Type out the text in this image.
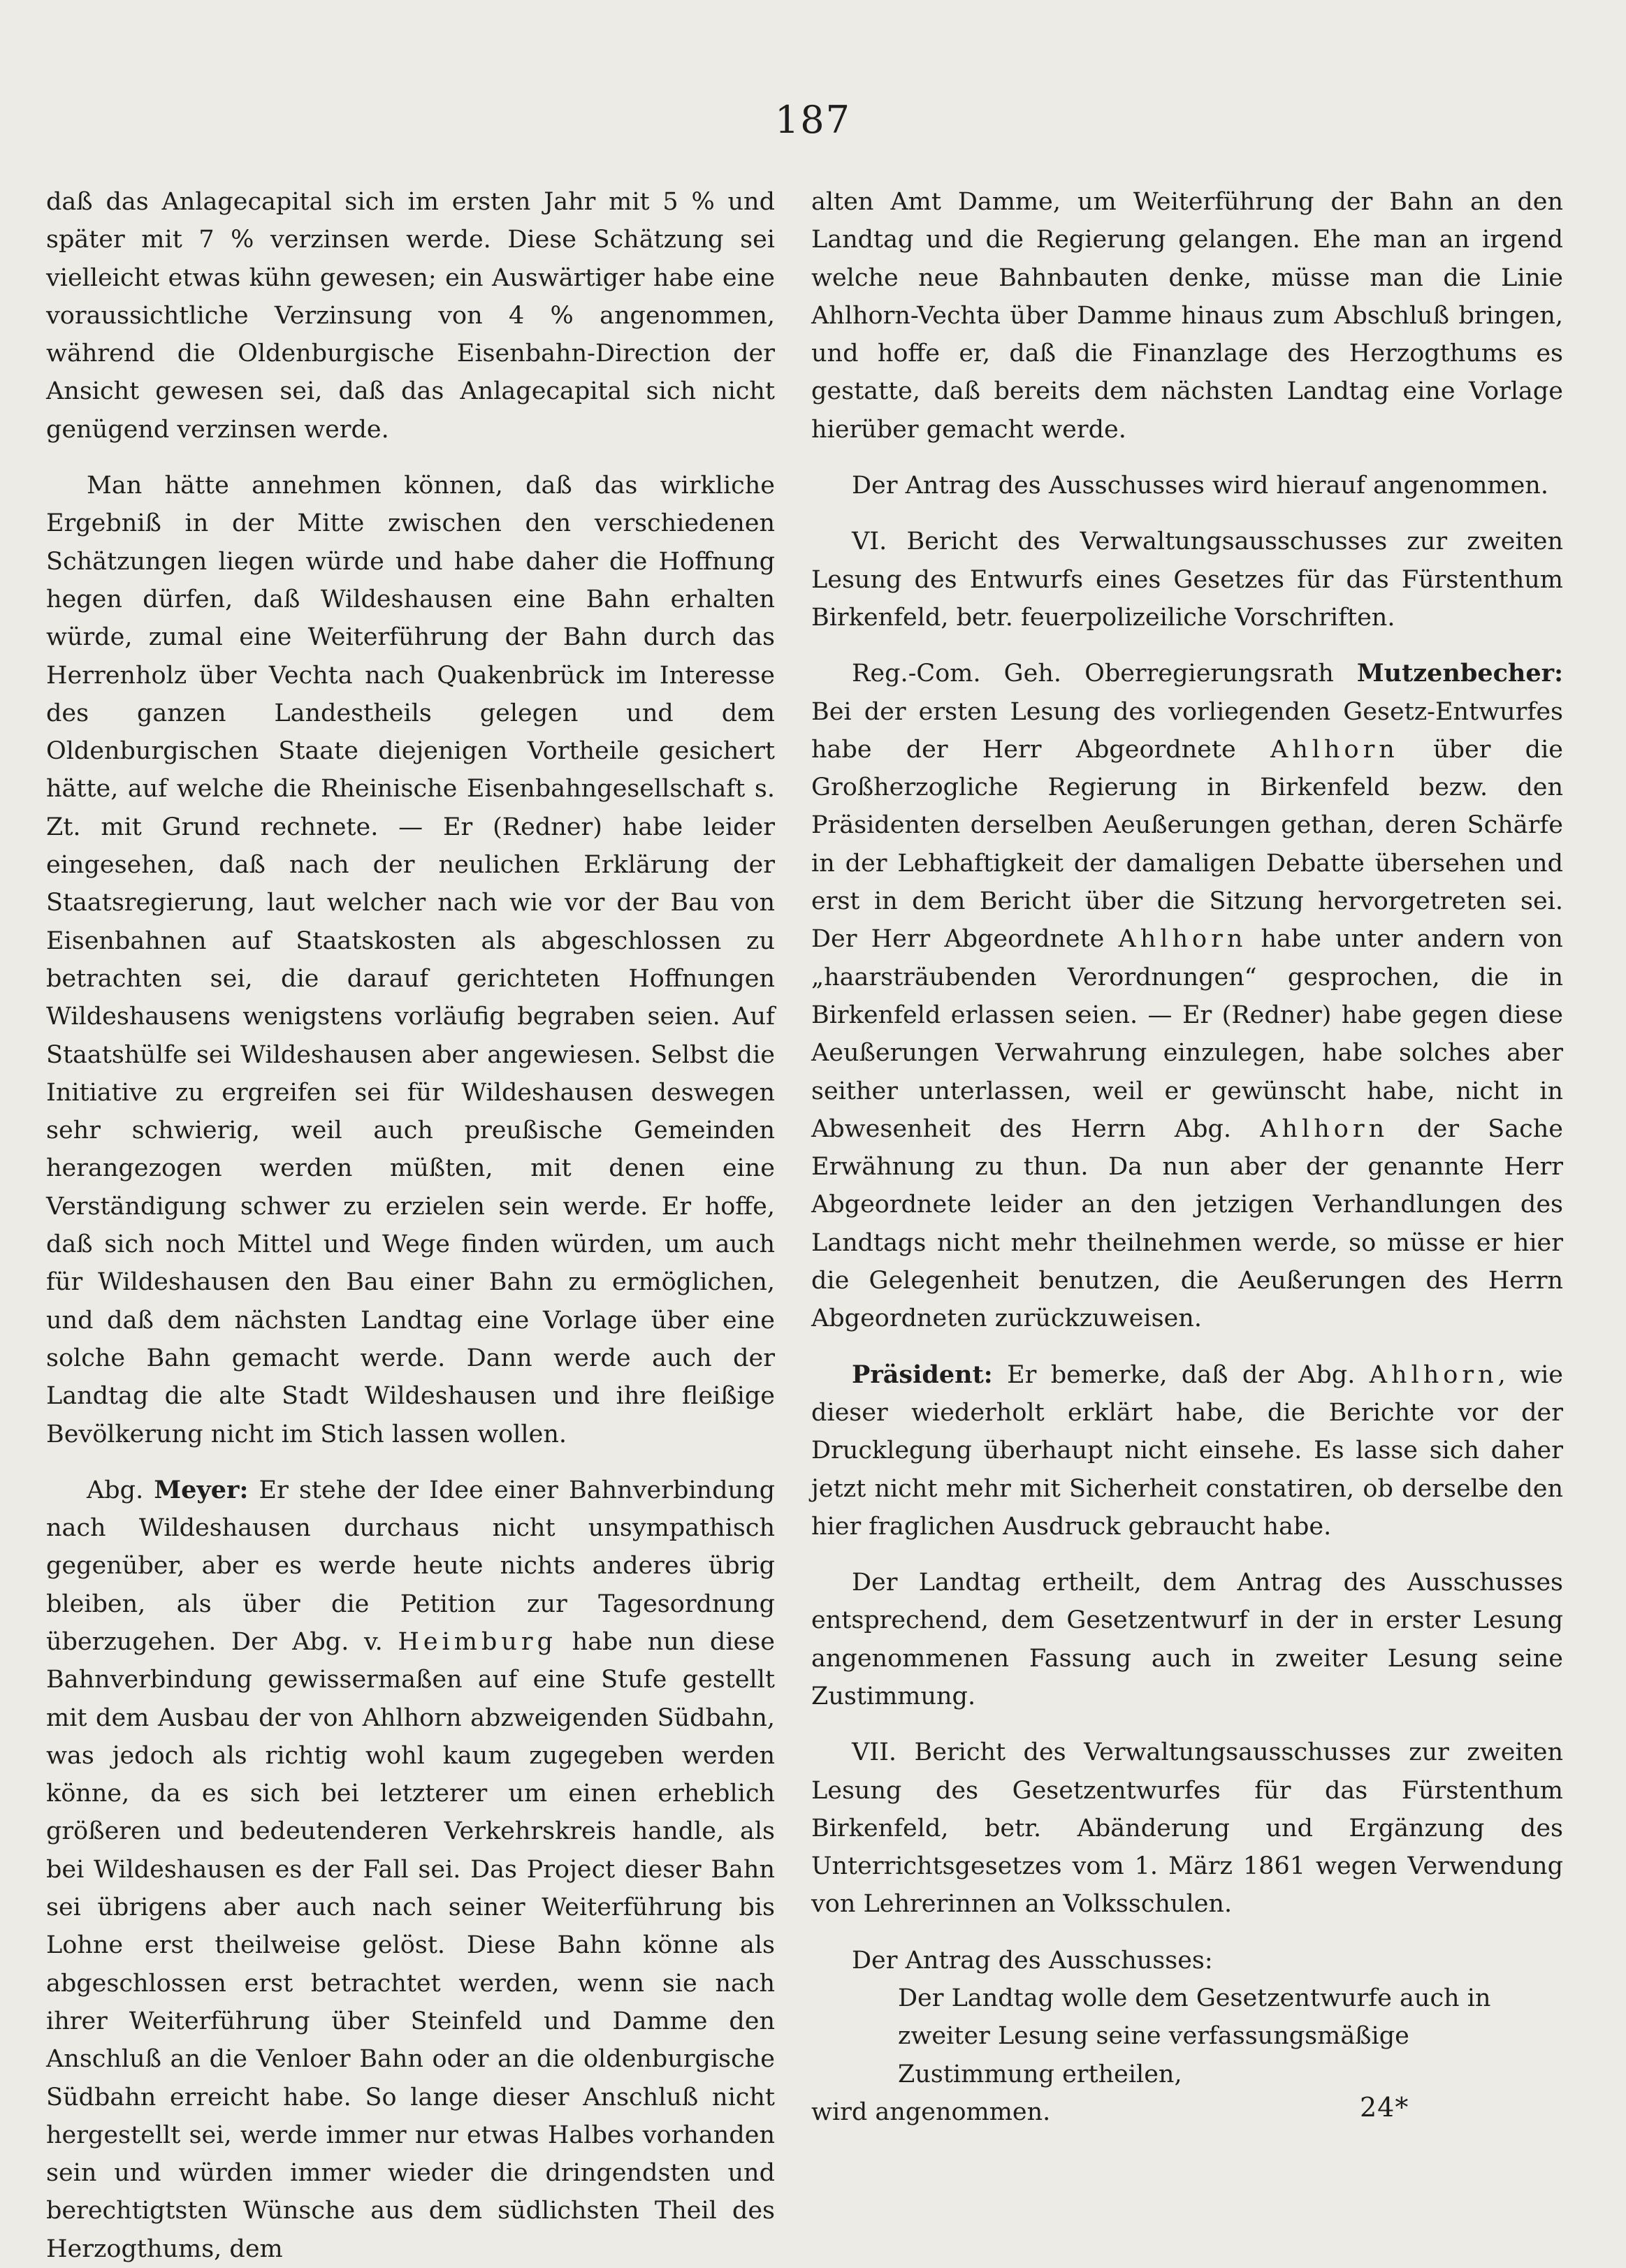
187

daß das Anlagecapital sich im ersten Jahr mit 5 % und später mit 7 % verzinsen werde. Diese Schätzung sei vielleicht etwas kühn gewesen; ein Auswärtiger habe eine voraussichtliche Verzinsung von 4 % angenommen, während die Oldenburgische Eisenbahn-Direction der Ansicht gewesen sei, daß das Anlagecapital sich nicht genügend verzinsen werde.

Man hätte annehmen können, daß das wirkliche Ergebniß in der Mitte zwischen den verschiedenen Schätzungen liegen würde und habe daher die Hoffnung hegen dürfen, daß Wildeshausen eine Bahn erhalten würde, zumal eine Weiterführung der Bahn durch das Herrenholz über Vechta nach Quakenbrück im Interesse des ganzen Landestheils gelegen und dem Oldenburgischen Staate diejenigen Vortheile gesichert hätte, auf welche die Rheinische Eisenbahngesellschaft s. Zt. mit Grund rechnete. — Er (Redner) habe leider eingesehen, daß nach der neulichen Erklärung der Staatsregierung, laut welcher nach wie vor der Bau von Eisenbahnen auf Staatskosten als abgeschlossen zu betrachten sei, die darauf gerichteten Hoffnungen Wildeshausens wenigstens vorläufig begraben seien. Auf Staatshülfe sei Wildeshausen aber angewiesen. Selbst die Initiative zu ergreifen sei für Wildeshausen deswegen sehr schwierig, weil auch preußische Gemeinden herangezogen werden müßten, mit denen eine Verständigung schwer zu erzielen sein werde. Er hoffe, daß sich noch Mittel und Wege finden würden, um auch für Wildeshausen den Bau einer Bahn zu ermöglichen, und daß dem nächsten Landtag eine Vorlage über eine solche Bahn gemacht werde. Dann werde auch der Landtag die alte Stadt Wildeshausen und ihre fleißige Bevölkerung nicht im Stich lassen wollen.

Abg. Meyer: Er stehe der Idee einer Bahnverbindung nach Wildeshausen durchaus nicht unsympathisch gegenüber, aber es werde heute nichts anderes übrig bleiben, als über die Petition zur Tagesordnung überzugehen. Der Abg. v. Heimburg habe nun diese Bahnverbindung gewissermaßen auf eine Stufe gestellt mit dem Ausbau der von Ahlhorn abzweigenden Südbahn, was jedoch als richtig wohl kaum zugegeben werden könne, da es sich bei letzterer um einen erheblich größeren und bedeutenderen Verkehrskreis handle, als bei Wildeshausen es der Fall sei. Das Project dieser Bahn sei übrigens aber auch nach seiner Weiterführung bis Lohne erst theilweise gelöst. Diese Bahn könne als abgeschlossen erst betrachtet werden, wenn sie nach ihrer Weiterführung über Steinfeld und Damme den Anschluß an die Venloer Bahn oder an die oldenburgische Südbahn erreicht habe. So lange dieser Anschluß nicht hergestellt sei, werde immer nur etwas Halbes vorhanden sein und würden immer wieder die dringendsten und berechtigtsten Wünsche aus dem südlichsten Theil des Herzogthums, dem

alten Amt Damme, um Weiterführung der Bahn an den Landtag und die Regierung gelangen. Ehe man an irgend welche neue Bahnbauten denke, müsse man die Linie Ahlhorn-Vechta über Damme hinaus zum Abschluß bringen, und hoffe er, daß die Finanzlage des Herzogthums es gestatte, daß bereits dem nächsten Landtag eine Vorlage hierüber gemacht werde.

Der Antrag des Ausschusses wird hierauf angenommen.

VI. Bericht des Verwaltungsausschusses zur zweiten Lesung des Entwurfs eines Gesetzes für das Fürstenthum Birkenfeld, betr. feuerpolizeiliche Vorschriften.

Reg.-Com. Geh. Oberregierungsrath Mutzenbecher: Bei der ersten Lesung des vorliegenden Gesetz-Entwurfes habe der Herr Abgeordnete Ahlhorn über die Großherzogliche Regierung in Birkenfeld bezw. den Präsidenten derselben Aeußerungen gethan, deren Schärfe in der Lebhaftigkeit der damaligen Debatte übersehen und erst in dem Bericht über die Sitzung hervorgetreten sei. Der Herr Abgeordnete Ahlhorn habe unter andern von „haarsträubenden Verordnungen“ gesprochen, die in Birkenfeld erlassen seien. — Er (Redner) habe gegen diese Aeußerungen Verwahrung einzulegen, habe solches aber seither unterlassen, weil er gewünscht habe, nicht in Abwesenheit des Herrn Abg. Ahlhorn der Sache Erwähnung zu thun. Da nun aber der genannte Herr Abgeordnete leider an den jetzigen Verhandlungen des Landtags nicht mehr theilnehmen werde, so müsse er hier die Gelegenheit benutzen, die Aeußerungen des Herrn Abgeordneten zurückzuweisen.

Präsident: Er bemerke, daß der Abg. Ahlhorn, wie dieser wiederholt erklärt habe, die Berichte vor der Drucklegung überhaupt nicht einsehe. Es lasse sich daher jetzt nicht mehr mit Sicherheit constatiren, ob derselbe den hier fraglichen Ausdruck gebraucht habe.

Der Landtag ertheilt, dem Antrag des Ausschusses entsprechend, dem Gesetzentwurf in der in erster Lesung angenommenen Fassung auch in zweiter Lesung seine Zustimmung.

VII. Bericht des Verwaltungsausschusses zur zweiten Lesung des Gesetzentwurfes für das Fürstenthum Birkenfeld, betr. Abänderung und Ergänzung des Unterrichtsgesetzes vom 1. März 1861 wegen Verwendung von Lehrerinnen an Volksschulen.

Der Antrag des Ausschusses:

Der Landtag wolle dem Gesetzentwurfe auch in zweiter Lesung seine verfassungsmäßige Zustimmung ertheilen,

wird angenommen.	24*
